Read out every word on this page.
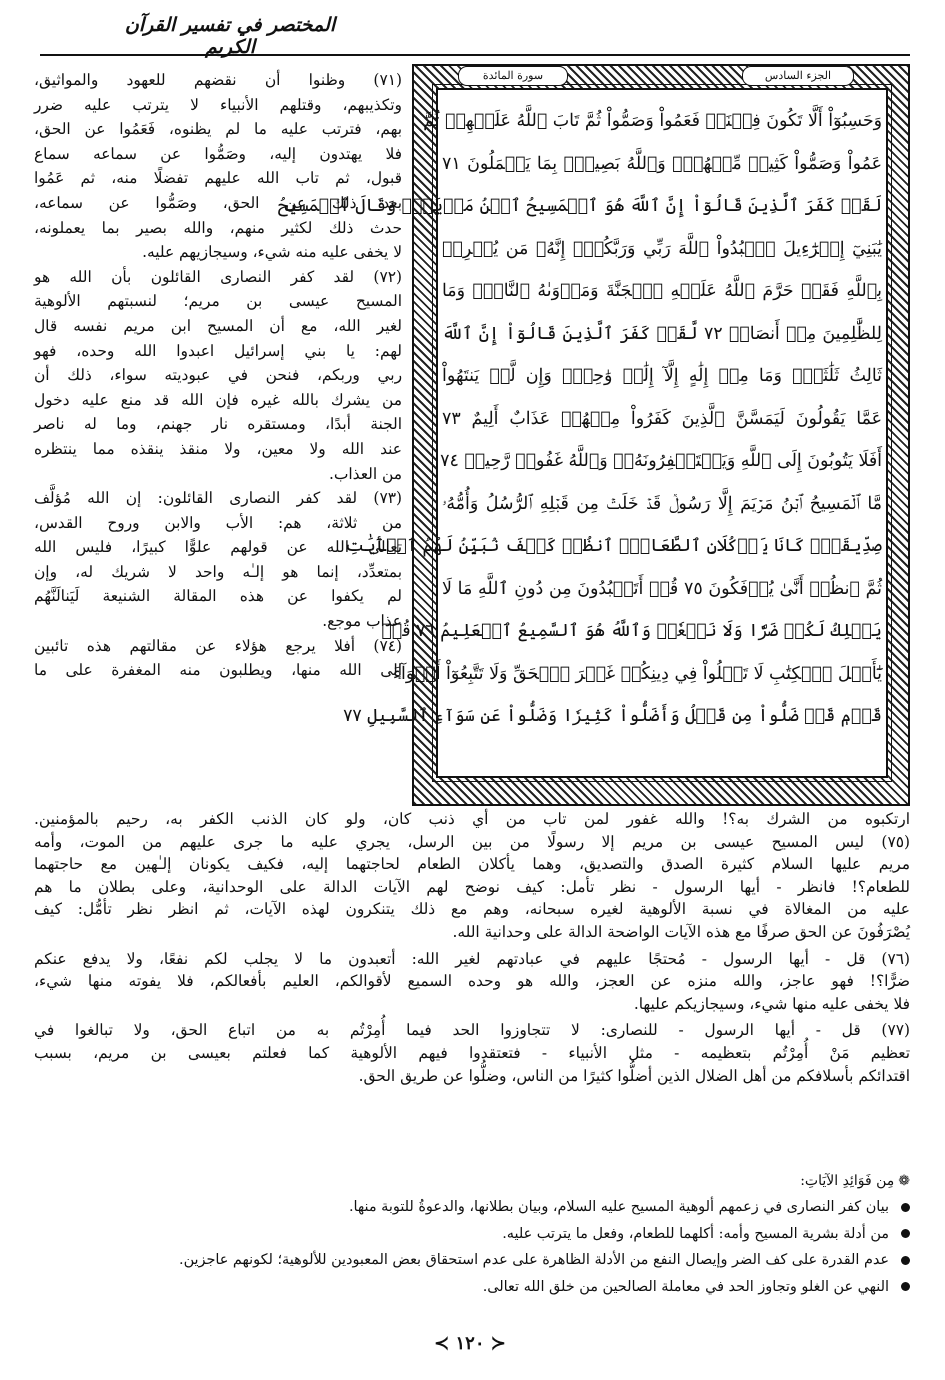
المختصر في تفسير القرآن الكريم
الجزء السادس
سورة المائدة
وَحَسِبُوٓاْ أَلَّا تَكُونَ فِتۡنَةٞ فَعَمُواْ وَصَمُّواْ ثُمَّ تَابَ ٱللَّهُ عَلَيۡهِمۡ ثُمَّ
عَمُواْ وَصَمُّواْ كَثِيرٞ مِّنۡهُمۡۚ وَٱللَّهُ بَصِيرُۢ بِمَا يَعۡمَلُونَ ٧١
لَقَدۡ كَفَرَ ٱلَّذِينَ قَالُوٓاْ إِنَّ ٱللَّهَ هُوَ ٱلۡمَسِيحُ ٱبۡنُ مَرۡيَمَۖ وَقَالَ ٱلۡمَسِيحُ
يَٰبَنِيٓ إِسۡرَٰٓءِيلَ ٱعۡبُدُواْ ٱللَّهَ رَبِّي وَرَبَّكُمۡۖ إِنَّهُۥ مَن يُشۡرِكۡ
بِٱللَّهِ فَقَدۡ حَرَّمَ ٱللَّهُ عَلَيۡهِ ٱلۡجَنَّةَ وَمَأۡوَىٰهُ ٱلنَّارُۖ وَمَا
لِلظَّٰلِمِينَ مِنۡ أَنصَارٖ ٧٢ لَّقَدۡ كَفَرَ ٱلَّذِينَ قَالُوٓاْ إِنَّ ٱللَّهَ
ثَالِثُ ثَلَٰثَةٖۘ وَمَا مِنۡ إِلَٰهٍ إِلَّآ إِلَٰهٞ وَٰحِدٞۚ وَإِن لَّمۡ يَنتَهُواْ
عَمَّا يَقُولُونَ لَيَمَسَّنَّ ٱلَّذِينَ كَفَرُواْ مِنۡهُمۡ عَذَابٌ أَلِيمٌ ٧٣
أَفَلَا يَتُوبُونَ إِلَى ٱللَّهِ وَيَسۡتَغۡفِرُونَهُۥۚ وَٱللَّهُ غَفُورٞ رَّحِيمٞ ٧٤
مَّا ٱلۡمَسِيحُ ٱبۡنُ مَرۡيَمَ إِلَّا رَسُولٞ قَدۡ خَلَتۡ مِن قَبۡلِهِ ٱلرُّسُلُ وَأُمُّهُۥ
صِدِّيقَةٞۖ كَانَا يَأۡكُلَانِ ٱلطَّعَامَۗ ٱنظُرۡ كَيۡفَ نُبَيِّنُ لَهُمُ ٱلۡأٓيَٰتِ
ثُمَّ ٱنظُرۡ أَنَّىٰ يُؤۡفَكُونَ ٧٥ قُلۡ أَتَعۡبُدُونَ مِن دُونِ ٱللَّهِ مَا لَا
يَمۡلِكُ لَكُمۡ ضَرّٗا وَلَا نَفۡعٗاۚ وَٱللَّهُ هُوَ ٱلسَّمِيعُ ٱلۡعَلِيمُ ٧٦ قُلۡ
يَٰٓأَهۡلَ ٱلۡكِتَٰبِ لَا تَغۡلُواْ فِي دِينِكُمۡ غَيۡرَ ٱلۡحَقِّ وَلَا تَتَّبِعُوٓاْ أَهۡوَآءَ
قَوۡمٖ قَدۡ ضَلُّواْ مِن قَبۡلُ وَأَضَلُّواْ كَثِيرٗا وَضَلُّواْ عَن سَوَآءِ ٱلسَّبِيلِ ٧٧
(٧١) وظنوا أن نقضهم للعهود والمواثيق،
وتكذيبهم، وقتلهم الأنبياء لا يترتب عليه ضرر
بهم، فترتب عليه ما لم يظنوه، فَعَمُوا عن الحق،
فلا يهتدون إليه، وصَمُّوا عن سماعه سماع
قبول، ثم تاب الله عليهم تفضلًا منه، ثم عَمُوا
بعد ذلك عن الحق، وصَمُّوا عن سماعه،
حدث ذلك لكثير منهم، والله بصير بما يعملونه،
لا يخفى عليه منه شيء، وسيجازيهم عليه.
(٧٢) لقد كفر النصارى القائلون بأن الله هو
المسيح عيسى بن مريم؛ لنسبتهم الألوهية
لغير الله، مع أن المسيح ابن مريم نفسه قال
لهم: يا بني إسرائيل اعبدوا الله وحده، فهو
ربي وربكم، فنحن في عبوديته سواء، ذلك أن
من يشرك بالله غيره فإن الله قد منع عليه دخول
الجنة أبدًا، ومستقره نار جهنم، وما له ناصر
عند الله ولا معين، ولا منقذ ينقذه مما ينتظره
من العذاب.
(٧٣) لقد كفر النصارى القائلون: إن الله مُؤلَّف
من ثلاثة، هم: الأب والابن وروح القدس،
تعالى الله عن قولهم علوًّا كبيرًا، فليس الله
بمتعدِّد، إنما هو إلـٰه واحد لا شريك له، وإن
لم يكفوا عن هذه المقالة الشنيعة لَيَنالَنَّهُم
عذاب موجع.
(٧٤) أفلا يرجع هؤلاء عن مقالتهم هذه تائبين
إلى الله منها، ويطلبون منه المغفرة على ما
ارتكبوه من الشرك به؟! والله غفور لمن تاب من أي ذنب كان، ولو كان الذنب الكفر به، رحيم بالمؤمنين.
(٧٥) ليس المسيح عيسى بن مريم إلا رسولًا من بين الرسل، يجري عليه ما جرى عليهم من الموت، وأمه
مريم عليها السلام كثيرة الصدق والتصديق، وهما يأكلان الطعام لحاجتهما إليه، فكيف يكونان إلـٰهين مع حاجتهما
للطعام؟! فانظر - أيها الرسول - نظر تأمل: كيف نوضح لهم الآيات الدالة على الوحدانية، وعلى بطلان ما هم
عليه من المغالاة في نسبة الألوهية لغيره سبحانه، وهم مع ذلك يتنكرون لهذه الآيات، ثم انظر نظر تأمُّل: كيف
يُصْرَفُونَ عن الحق صرفًا مع هذه الآيات الواضحة الدالة على وحدانية الله.
(٧٦) قل - أيها الرسول - مُحتجًا عليهم في عبادتهم لغير الله: أتعبدون ما لا يجلب لكم نفعًا، ولا يدفع عنكم
ضرًّا؟! فهو عاجز، والله منزه عن العجز، والله هو وحده السميع لأقوالكم، العليم بأفعالكم، فلا يفوته منها شيء،
فلا يخفى عليه منها شيء، وسيجازيكم عليها.
(٧٧) قل - أيها الرسول - للنصارى: لا تتجاوزوا الحد فيما أُمِرْتُم به من اتباع الحق، ولا تبالغوا في
تعظيم مَنْ أُمِرْتُم بتعظيمه - مثل الأنبياء - فتعتقدوا فيهم الألوهية كما فعلتم بعيسى بن مريم، بسبب
اقتدائكم بأسلافكم من أهل الضلال الذين أضلُّوا كثيرًا من الناس، وضلُّوا عن طريق الحق.
❁مِن فَوَائِدِ الآيَاتِ:
بيان كفر النصارى في زعمهم ألوهية المسيح عليه السلام، وبيان بطلانها، والدعوةُ للتوبة منها.
من أدلة بشرية المسيح وأمه: أكلهما للطعام، وفعل ما يترتب عليه.
عدم القدرة على كف الضر وإيصال النفع من الأدلة الظاهرة على عدم استحقاق بعض المعبودين للألوهية؛ لكونهم عاجزين.
النهي عن الغلو وتجاوز الحد في معاملة الصالحين من خلق الله تعالى.
≺ ١٢٠ ≻
